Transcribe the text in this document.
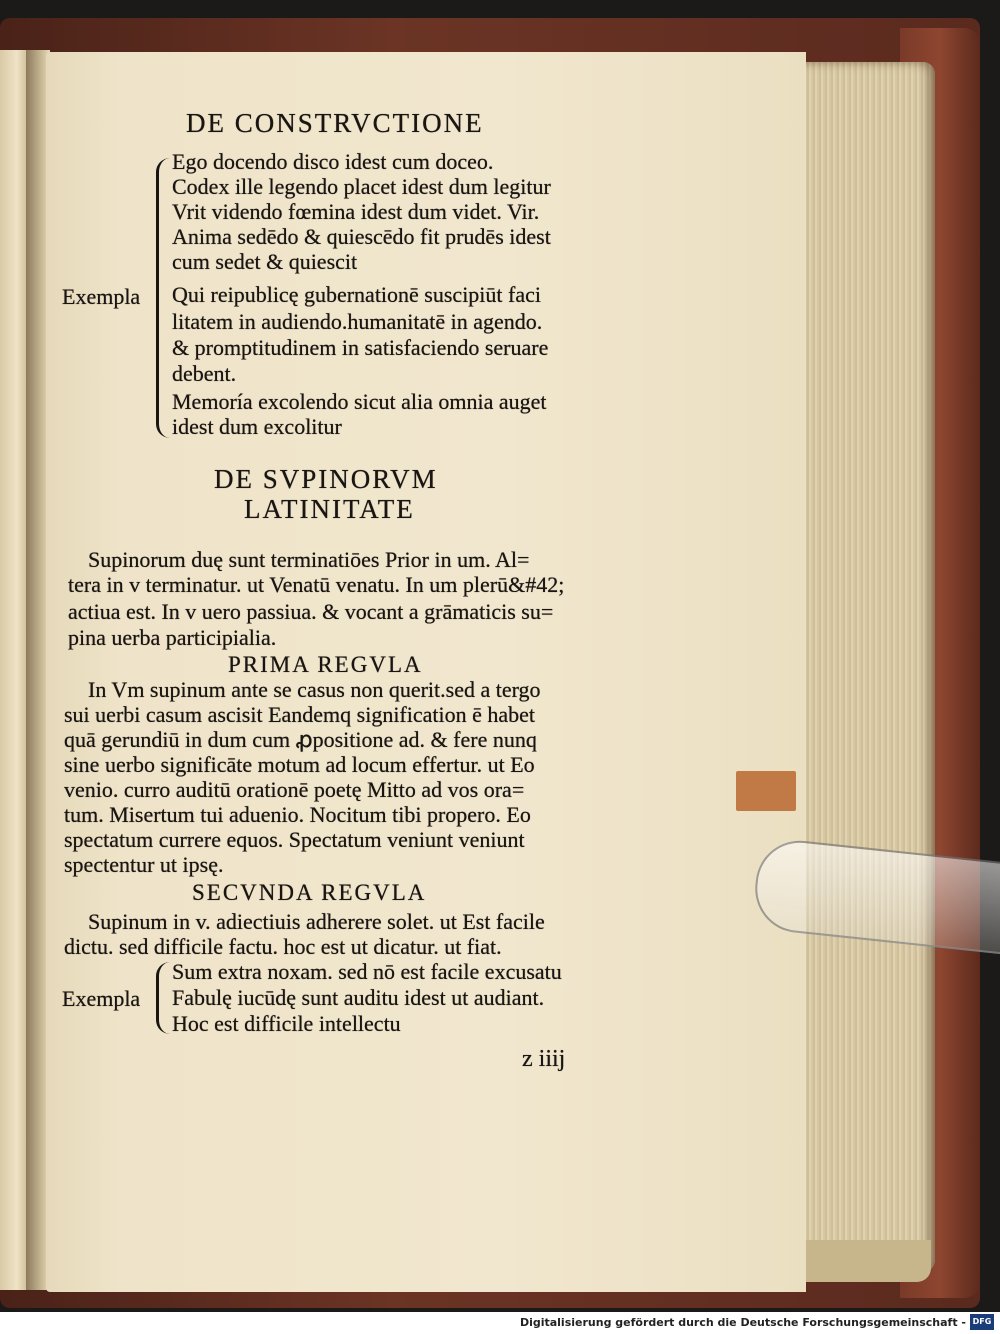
DE CONSTRVCTIONE
Exempla
Ego docendo disco idest cum doceo.
Codex ille legendo placet idest dum legitur
Vrit videndo fœmina idest dum videt. Vir.
Anima sedēdo & quiescēdo fit prudēs idest
cum sedet & quiescit
Qui reipublicę gubernationē suscipiūt faci
litatem in audiendo.humanitatē in agendo.
& promptitudinem in satisfaciendo seruare
debent.
Memoría excolendo sicut alia omnia auget
idest dum excolitur
DE SVPINORVM
LATINITATE
Supinorum duę sunt terminatiōes Prior in um. Al=
tera in v terminatur. ut Venatū venatu. In um plerū&#42;
actiua est. In v uero passiua. & vocant a grāmaticis su=
pina uerba participialia.
PRIMA REGVLA
In Vm supinum ante se casus non querit.sed a tergo
sui uerbi casum ascisit Eandemq signification ē habet
quā gerundiū in dum cum ꝓpositione ad. & fere nunq
sine uerbo significāte motum ad locum effertur. ut Eo
venio. curro auditū orationē poetę Mitto ad vos ora=
tum. Misertum tui aduenio. Nocitum tibi propero. Eo
spectatum currere equos. Spectatum veniunt veniunt
spectentur ut ipsę.
SECVNDA REGVLA
Supinum in v. adiectiuis adherere solet. ut Est facile
dictu. sed difficile factu. hoc est ut dicatur. ut fiat.
Exempla
Sum extra noxam. sed nō est facile excusatu
Fabulę iucūdę sunt auditu idest ut audiant.
Hoc est difficile intellectu
z iiij
Digitalisierung gefördert durch die Deutsche Forschungsgemeinschaft - DFG
